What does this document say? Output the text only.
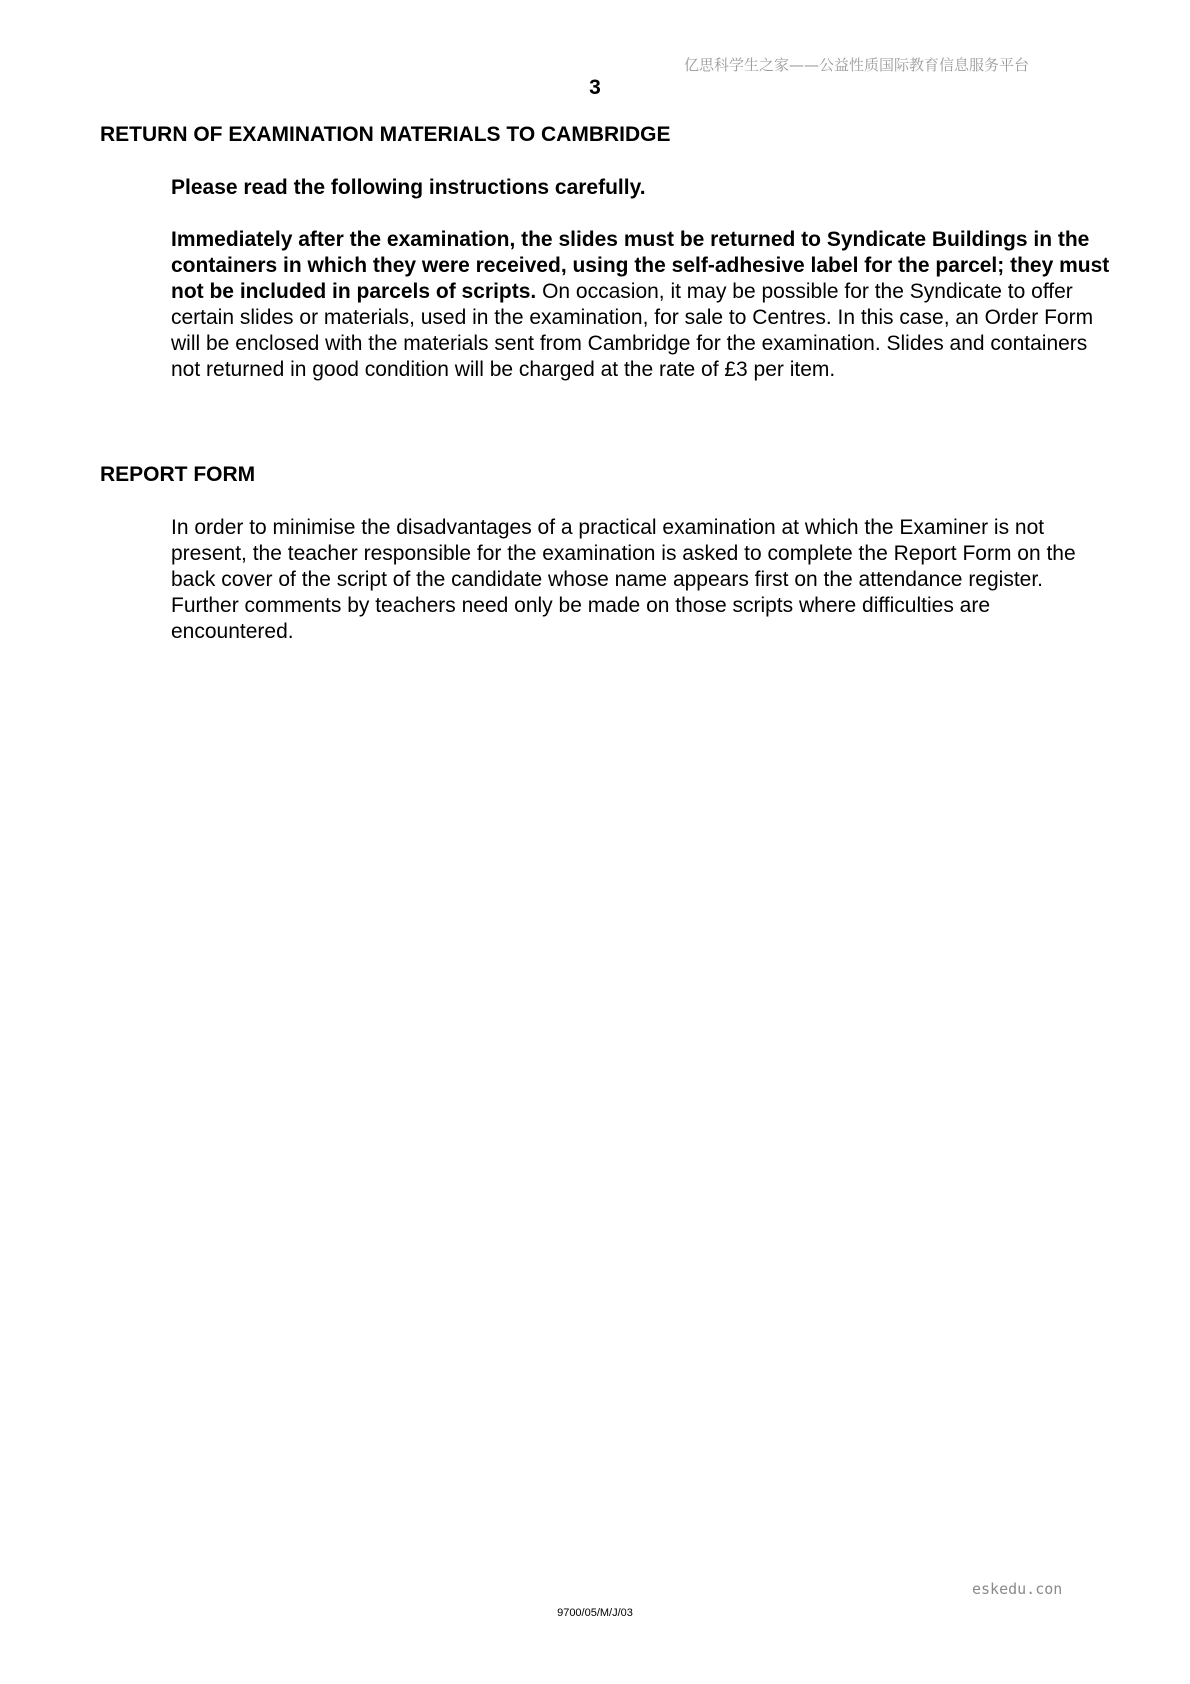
亿思科学生之家——公益性质国际教育信息服务平台
3
RETURN OF EXAMINATION MATERIALS TO CAMBRIDGE
Please read the following instructions carefully.
Immediately after the examination, the slides must be returned to Syndicate Buildings in the containers in which they were received, using the self-adhesive label for the parcel; they must not be included in parcels of scripts. On occasion, it may be possible for the Syndicate to offer certain slides or materials, used in the examination, for sale to Centres. In this case, an Order Form will be enclosed with the materials sent from Cambridge for the examination. Slides and containers not returned in good condition will be charged at the rate of £3 per item.
REPORT FORM
In order to minimise the disadvantages of a practical examination at which the Examiner is not present, the teacher responsible for the examination is asked to complete the Report Form on the back cover of the script of the candidate whose name appears first on the attendance register. Further comments by teachers need only be made on those scripts where difficulties are encountered.
eskedu.con
9700/05/M/J/03
